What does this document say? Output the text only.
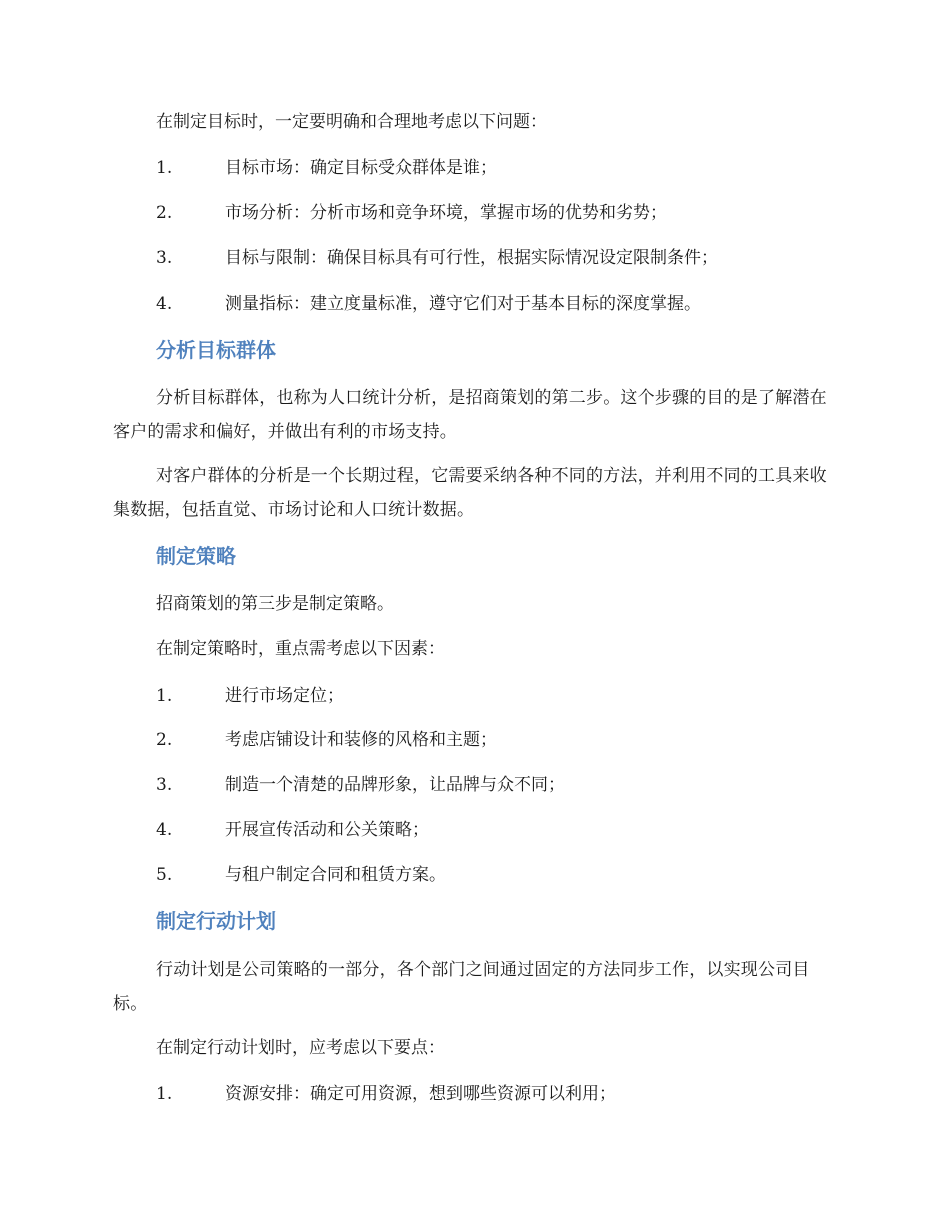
在制定目标时，一定要明确和合理地考虑以下问题：
1.	目标市场：确定目标受众群体是谁；
2.	市场分析：分析市场和竞争环境，掌握市场的优势和劣势；
3.	目标与限制：确保目标具有可行性，根据实际情况设定限制条件；
4.	测量指标：建立度量标准，遵守它们对于基本目标的深度掌握。
分析目标群体
分析目标群体，也称为人口统计分析，是招商策划的第二步。这个步骤的目的是了解潜在客户的需求和偏好，并做出有利的市场支持。
对客户群体的分析是一个长期过程，它需要采纳各种不同的方法，并利用不同的工具来收集数据，包括直觉、市场讨论和人口统计数据。
制定策略
招商策划的第三步是制定策略。
在制定策略时，重点需考虑以下因素：
1.	进行市场定位；
2.	考虑店铺设计和装修的风格和主题；
3.	制造一个清楚的品牌形象，让品牌与众不同；
4.	开展宣传活动和公关策略；
5.	与租户制定合同和租赁方案。
制定行动计划
行动计划是公司策略的一部分，各个部门之间通过固定的方法同步工作，以实现公司目标。
在制定行动计划时，应考虑以下要点：
1.	资源安排：确定可用资源，想到哪些资源可以利用；
